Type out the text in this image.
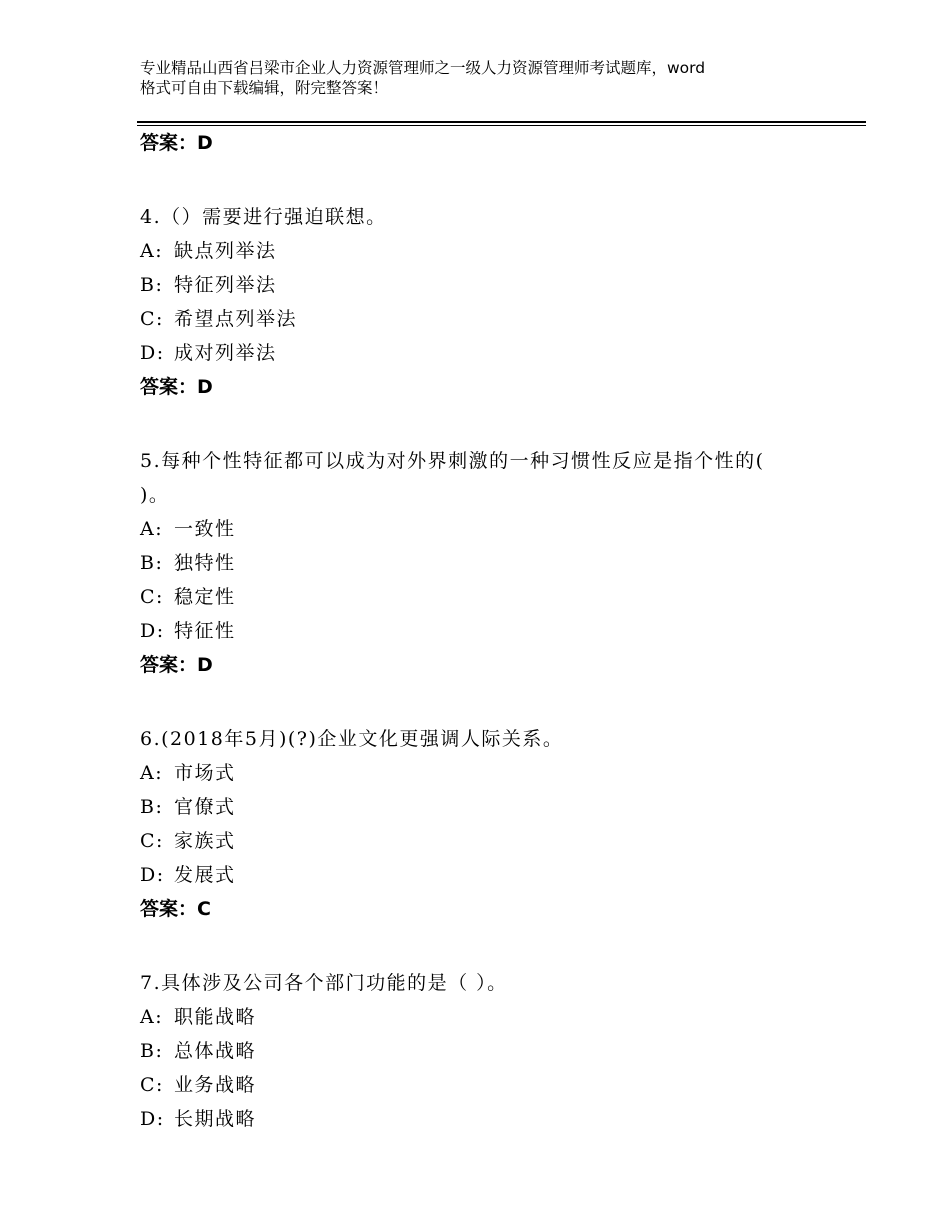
专业精品山西省吕梁市企业人力资源管理师之一级人力资源管理师考试题库，word
格式可自由下载编辑，附完整答案！

答案：D

4.（）需要进行强迫联想。

A: 缺点列举法

B: 特征列举法

C: 希望点列举法

D: 成对列举法

答案：D

5.每种个性特征都可以成为对外界刺激的一种习惯性反应是指个性的(

)。

A: 一致性

B: 独特性

C: 稳定性

D: 特征性

答案：D

6.(2018年5月)(?)企业文化更强调人际关系。

A: 市场式

B: 官僚式

C: 家族式

D: 发展式

答案：C

7.具体涉及公司各个部门功能的是（ ）。

A: 职能战略

B: 总体战略

C: 业务战略

D: 长期战略
